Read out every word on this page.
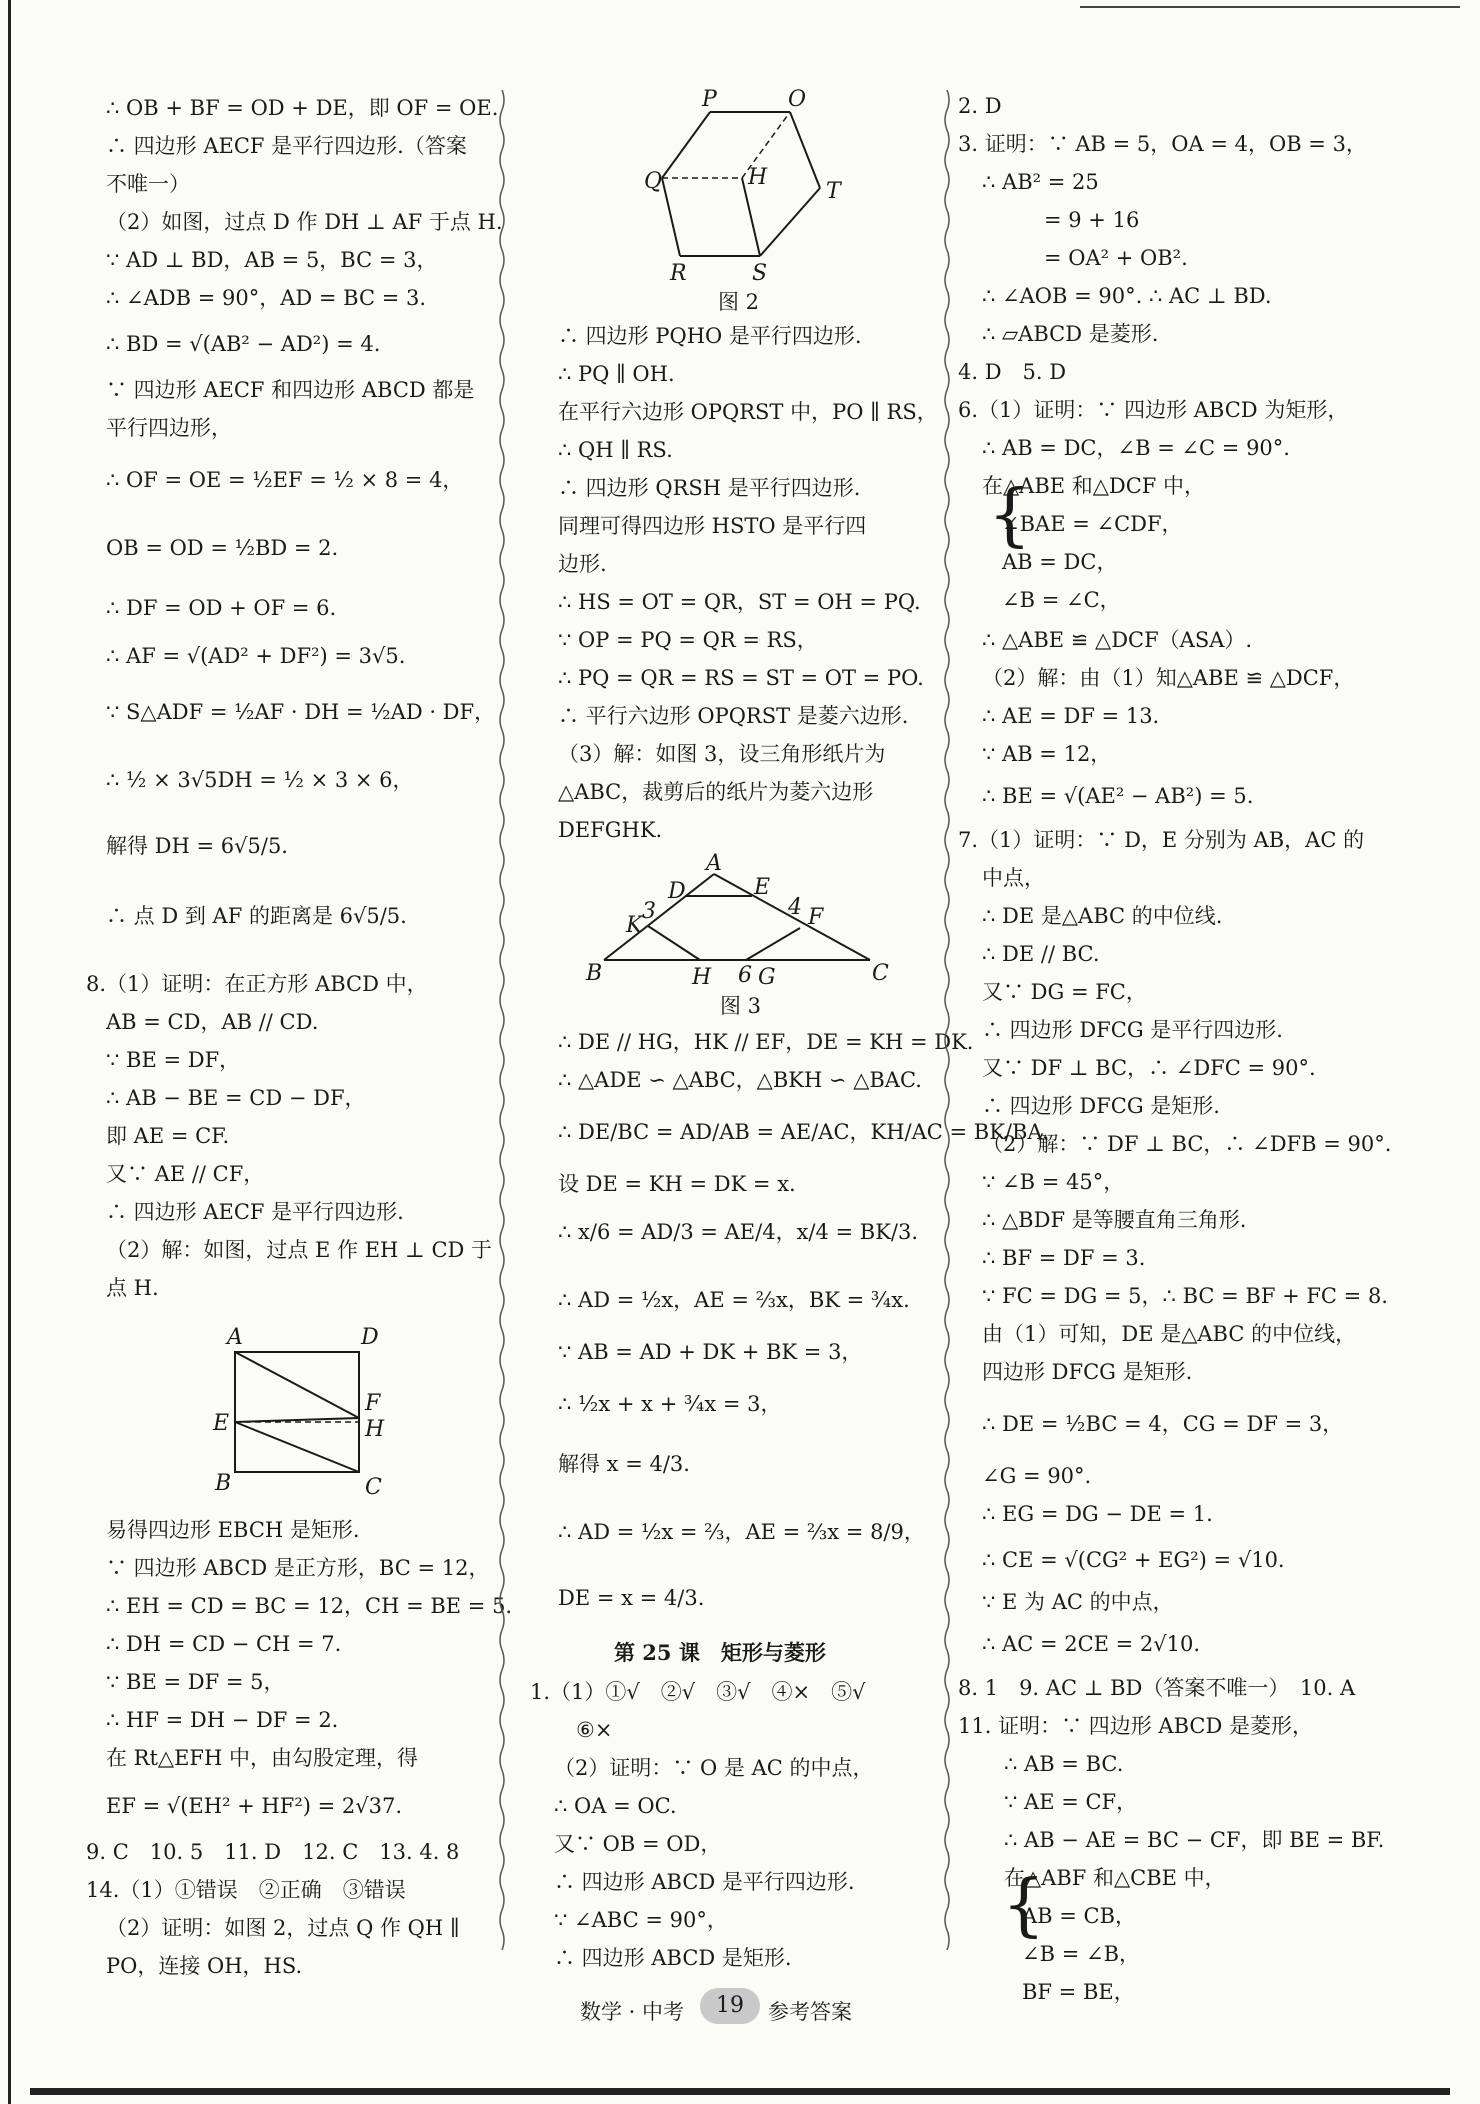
∴ OB + BF = OD + DE，即 OF = OE.
∴ 四边形 AECF 是平行四边形.（答案
不唯一）
（2）如图，过点 D 作 DH ⊥ AF 于点 H.
∵ AD ⊥ BD，AB = 5，BC = 3，
∴ ∠ADB = 90°，AD = BC = 3.
∴ BD = √(AB² − AD²) = 4.
∵ 四边形 AECF 和四边形 ABCD 都是
平行四边形，
∴ OF = OE = ½EF = ½ × 8 = 4，
OB = OD = ½BD = 2.
∴ DF = OD + OF = 6.
∴ AF = √(AD² + DF²) = 3√5.
∵ S△ADF = ½AF · DH = ½AD · DF，
∴ ½ × 3√5DH = ½ × 3 × 6，
解得 DH = 6√5/5.
∴ 点 D 到 AF 的距离是 6√5/5.
8.（1）证明：在正方形 ABCD 中，
AB = CD，AB // CD.
∵ BE = DF，
∴ AB − BE = CD − DF，
即 AE = CF.
又∵ AE // CF，
∴ 四边形 AECF 是平行四边形.
（2）解：如图，过点 E 作 EH ⊥ CD 于
点 H.
易得四边形 EBCH 是矩形.
∵ 四边形 ABCD 是正方形，BC = 12，
∴ EH = CD = BC = 12，CH = BE = 5.
∴ DH = CD − CH = 7.
∵ BE = DF = 5，
∴ HF = DH − DF = 2.
在 Rt△EFH 中，由勾股定理，得
EF = √(EH² + HF²) = 2√37.
9. C　10. 5　11. D　12. C　13. 4. 8
14.（1）①错误　②正确　③错误
（2）证明：如图 2，过点 Q 作 QH ∥
PO，连接 OH，HS.
A	D
F
E	H
B	C
P	O
Q	H
T
R	S
图 2
A
D	E
K
3	4 F
B	H 6 G	C
图 3
∴ 四边形 PQHO 是平行四边形.
∴ PQ ∥ OH.
在平行六边形 OPQRST 中，PO ∥ RS，
∴ QH ∥ RS.
∴ 四边形 QRSH 是平行四边形.
同理可得四边形 HSTO 是平行四
边形.
∴ HS = OT = QR，ST = OH = PQ.
∵ OP = PQ = QR = RS，
∴ PQ = QR = RS = ST = OT = PO.
∴ 平行六边形 OPQRST 是菱六边形.
（3）解：如图 3，设三角形纸片为
△ABC，裁剪后的纸片为菱六边形
DEFGHK.
∴ DE // HG，HK // EF，DE = KH = DK.
∴ △ADE ∽ △ABC，△BKH ∽ △BAC.
∴ DE/BC = AD/AB = AE/AC，KH/AC = BK/BA.
设 DE = KH = DK = x.
∴ x/6 = AD/3 = AE/4，x/4 = BK/3.
∴ AD = ½x，AE = ⅔x，BK = ¾x.
∵ AB = AD + DK + BK = 3，
∴ ½x + x + ¾x = 3，
解得 x = 4/3.
∴ AD = ½x = ⅔，AE = ⅔x = 8/9，
DE = x = 4/3.
第 25 课　矩形与菱形
1.（1）①√　②√　③√　④×　⑤√
⑥×
（2）证明：∵ O 是 AC 的中点，
∴ OA = OC.
又∵ OB = OD，
∴ 四边形 ABCD 是平行四边形.
∵ ∠ABC = 90°，
∴ 四边形 ABCD 是矩形.
2. D
3. 证明：∵ AB = 5，OA = 4，OB = 3，
∴ AB² = 25
= 9 + 16
= OA² + OB².
∴ ∠AOB = 90°. ∴ AC ⊥ BD.
∴ ▱ABCD 是菱形.
4. D　5. D
6.（1）证明：∵ 四边形 ABCD 为矩形，
∴ AB = DC，∠B = ∠C = 90°.
在△ABE 和△DCF 中，
{
∠BAE = ∠CDF，
AB = DC，
∠B = ∠C，
∴ △ABE ≌ △DCF（ASA）.
（2）解：由（1）知△ABE ≌ △DCF，
∴ AE = DF = 13.
∵ AB = 12，
∴ BE = √(AE² − AB²) = 5.
7.（1）证明：∵ D，E 分别为 AB，AC 的
中点，
∴ DE 是△ABC 的中位线.
∴ DE // BC.
又∵ DG = FC，
∴ 四边形 DFCG 是平行四边形.
又∵ DF ⊥ BC，∴ ∠DFC = 90°.
∴ 四边形 DFCG 是矩形.
（2）解：∵ DF ⊥ BC，∴ ∠DFB = 90°.
∵ ∠B = 45°，
∴ △BDF 是等腰直角三角形.
∴ BF = DF = 3.
∵ FC = DG = 5，∴ BC = BF + FC = 8.
由（1）可知，DE 是△ABC 的中位线，
四边形 DFCG 是矩形.
∴ DE = ½BC = 4，CG = DF = 3，
∠G = 90°.
∴ EG = DG − DE = 1.
∴ CE = √(CG² + EG²) = √10.
∵ E 为 AC 的中点，
∴ AC = 2CE = 2√10.
8. 1　9. AC ⊥ BD（答案不唯一）　10. A
11. 证明：∵ 四边形 ABCD 是菱形，
∴ AB = BC.
∵ AE = CF，
∴ AB − AE = BC − CF，即 BE = BF.
在△ABF 和△CBE 中，
{
AB = CB，
∠B = ∠B，
BF = BE，
数学 · 中考	19	参考答案
